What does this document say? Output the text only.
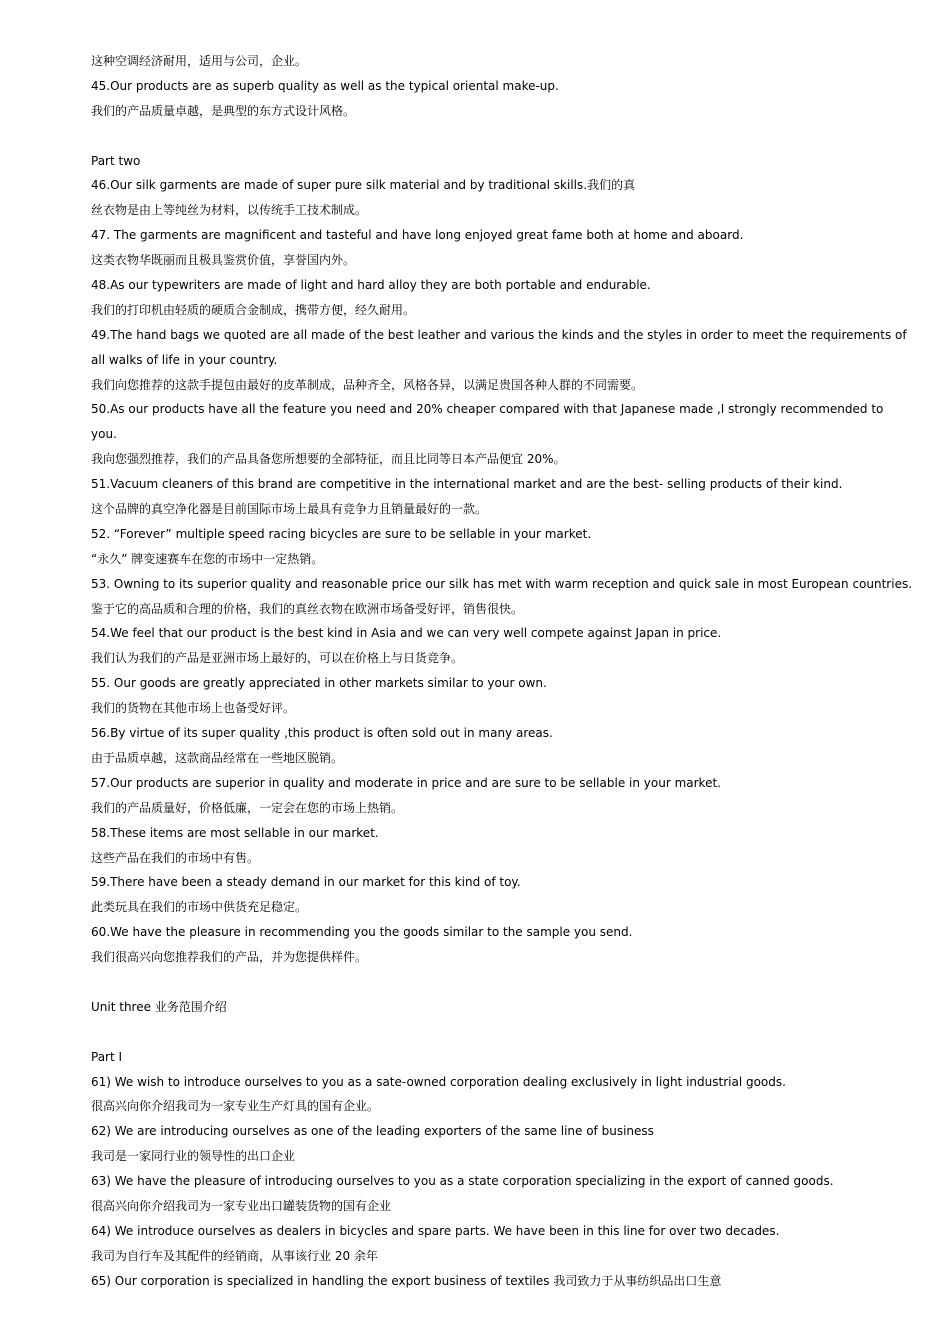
这种空调经济耐用，适用与公司，企业。
45.Our products are as superb quality as well as the typical oriental make-up.
我们的产品质量卓越，是典型的东方式设计风格。
Part two
46.Our silk garments are made of super pure silk material and by traditional skills.我们的真
丝衣物是由上等纯丝为材料，以传统手工技术制成。
47. The garments are magnificent and tasteful and have long enjoyed great fame both at home and aboard.
这类衣物华既丽而且极具鉴赏价值，享誉国内外。
48.As our typewriters are made of light and hard alloy they are both portable and endurable.
我们的打印机由轻质的硬质合金制成，携带方便，经久耐用。
49.The hand bags we quoted are all made of the best leather and various the kinds and the styles in order to meet the requirements of
all walks of life in your country.
我们向您推荐的这款手提包由最好的皮革制成，品种齐全，风格各异，以满足贵国各种人群的不同需要。
50.As our products have all the feature you need and 20% cheaper compared with that Japanese made ,I strongly recommended to
you.
我向您强烈推荐，我们的产品具备您所想要的全部特征，而且比同等日本产品便宜 20%。
51.Vacuum cleaners of this brand are competitive in the international market and are the best- selling products of their kind.
这个品牌的真空净化器是目前国际市场上最具有竞争力且销量最好的一款。
52. “Forever” multiple speed racing bicycles are sure to be sellable in your market.
“永久” 牌变速赛车在您的市场中一定热销。
53. Owning to its superior quality and reasonable price our silk has met with warm reception and quick sale in most European countries.
鉴于它的高品质和合理的价格，我们的真丝衣物在欧洲市场备受好评，销售很快。
54.We feel that our product is the best kind in Asia and we can very well compete against Japan in price.
我们认为我们的产品是亚洲市场上最好的，可以在价格上与日货竞争。
55. Our goods are greatly appreciated in other markets similar to your own.
我们的货物在其他市场上也备受好评。
56.By virtue of its super quality ,this product is often sold out in many areas.
由于品质卓越，这款商品经常在一些地区脱销。
57.Our products are superior in quality and moderate in price and are sure to be sellable in your market.
我们的产品质量好，价格低廉，一定会在您的市场上热销。
58.These items are most sellable in our market.
这些产品在我们的市场中有售。
59.There have been a steady demand in our market for this kind of toy.
此类玩具在我们的市场中供货充足稳定。
60.We have the pleasure in recommending you the goods similar to the sample you send.
我们很高兴向您推荐我们的产品，并为您提供样件。
Unit three 业务范围介绍
Part I
61) We wish to introduce ourselves to you as a sate-owned corporation dealing exclusively in light industrial goods.
很高兴向你介绍我司为一家专业生产灯具的国有企业。
62) We are introducing ourselves as one of the leading exporters of the same line of business
我司是一家同行业的领导性的出口企业
63) We have the pleasure of introducing ourselves to you as a state corporation specializing in the export of canned goods.
很高兴向你介绍我司为一家专业出口罐装货物的国有企业
64) We introduce ourselves as dealers in bicycles and spare parts. We have been in this line for over two decades.
我司为自行车及其配件的经销商，从事该行业 20 余年
65) Our corporation is specialized in handling the export business of textiles 我司致力于从事纺织品出口生意
